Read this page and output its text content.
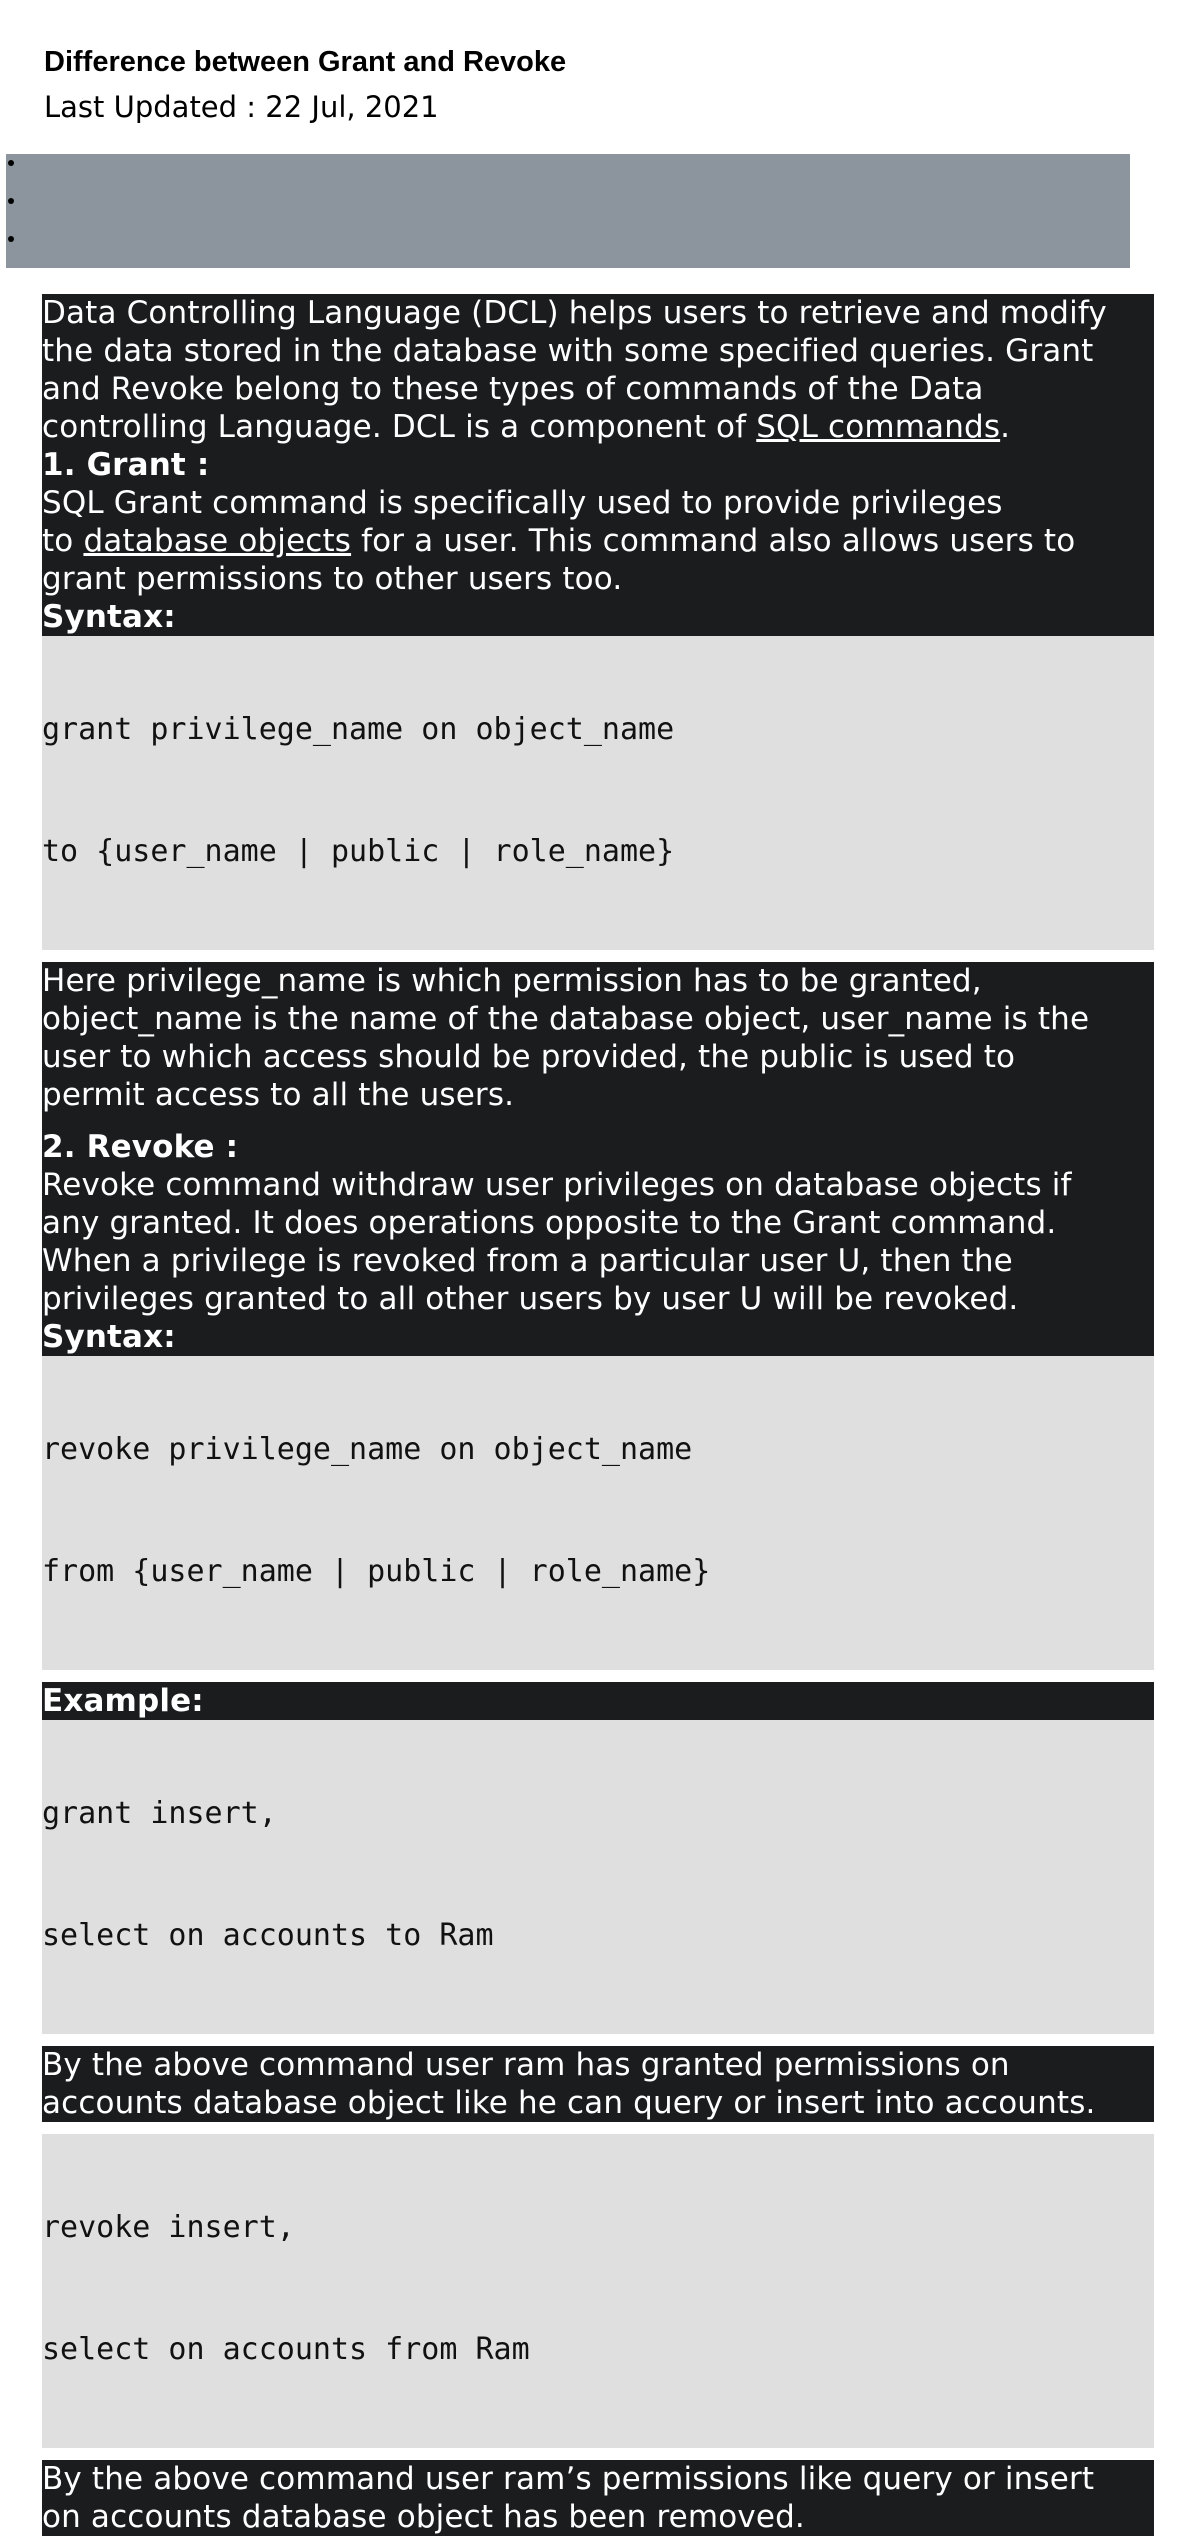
Difference between Grant and Revoke
Last Updated : 22 Jul, 2021
Data Controlling Language (DCL) helps users to retrieve and modify
the data stored in the database with some specified queries. Grant
and Revoke belong to these types of commands of the Data
controlling Language. DCL is a component of SQL commands.
1. Grant :
SQL Grant command is specifically used to provide privileges
to database objects for a user. This command also allows users to
grant permissions to other users too.
Syntax:

grant privilege_name on object_name

to {user_name | public | role_name}

Here privilege_name is which permission has to be granted,
object_name is the name of the database object, user_name is the
user to which access should be provided, the public is used to
permit access to all the users.
2. Revoke :
Revoke command withdraw user privileges on database objects if
any granted. It does operations opposite to the Grant command.
When a privilege is revoked from a particular user U, then the
privileges granted to all other users by user U will be revoked.
Syntax:

revoke privilege_name on object_name

from {user_name | public | role_name}

Example:

grant insert,

select on accounts to Ram

By the above command user ram has granted permissions on
accounts database object like he can query or insert into accounts.

revoke insert,

select on accounts from Ram

By the above command user ram’s permissions like query or insert
on accounts database object has been removed.
